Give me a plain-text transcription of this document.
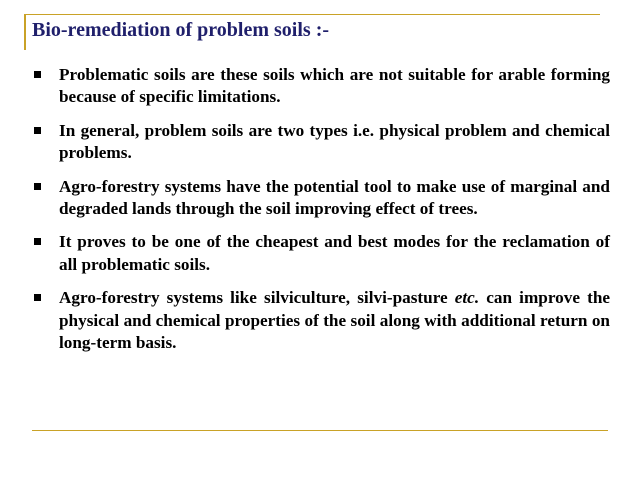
Bio-remediation of problem soils :-
Problematic soils are these soils which are not suitable for arable forming because of specific limitations.
In general, problem soils are two types i.e. physical problem and chemical problems.
Agro-forestry systems have the potential tool to make use of marginal and degraded lands through the soil improving effect of trees.
It proves to be one of the cheapest and best modes for the reclamation of all problematic soils.
Agro-forestry systems like silviculture, silvi-pasture etc. can improve the physical and chemical properties of the soil along with additional return on long-term basis.
